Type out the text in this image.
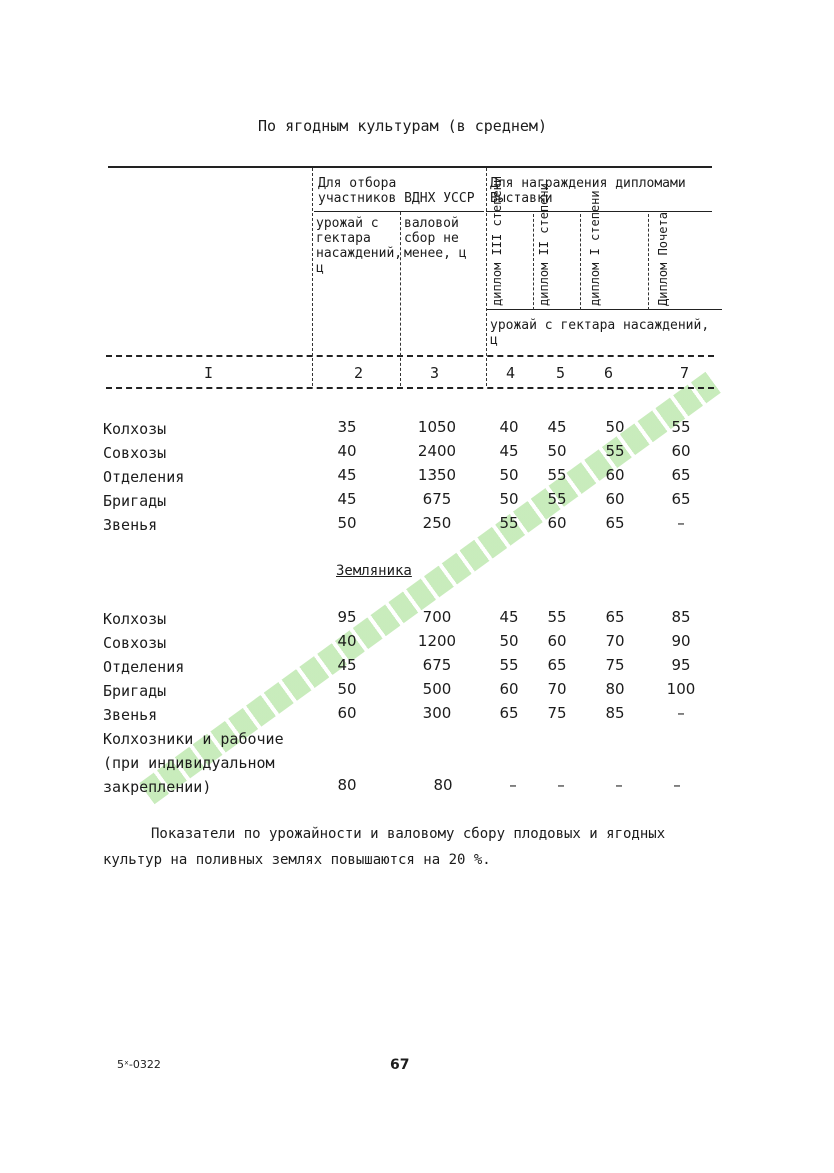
По ягодным культурам (в среднем)
Для отбора участников ВДНХ УССР
Для награждения дипломами Выставки
урожай с гектара насаждений, ц
валовой сбор не менее, ц	диплом III степени	диплом II степени	диплом I степени	Диплом Почета
урожай с гектара насаждений, ц
I	2	3	4	5	6	7
Колхозы	35	1050	40	45	50	55
Совхозы	40	2400	45	50	55	60
Отделения	45	1350	50	55	60	65
Бригады	45	675	50	55	60	65
Звенья	50	250	55	60	65	–
Земляника
Колхозы	95	700	45	55	65	85
Совхозы	40	1200	50	60	70	90
Отделения	45	675	55	65	75	95
Бригады	50	500	60	70	80	100
Звенья	60	300	65	75	85	–
Колхозники и рабочие
(при индивидуальном
закреплении)	80	80	–	–	–	–
Показатели по урожайности и валовому сбору плодовых и ягодных культур на поливных землях повышаются на 20 %.
5ˣ-0322	67
